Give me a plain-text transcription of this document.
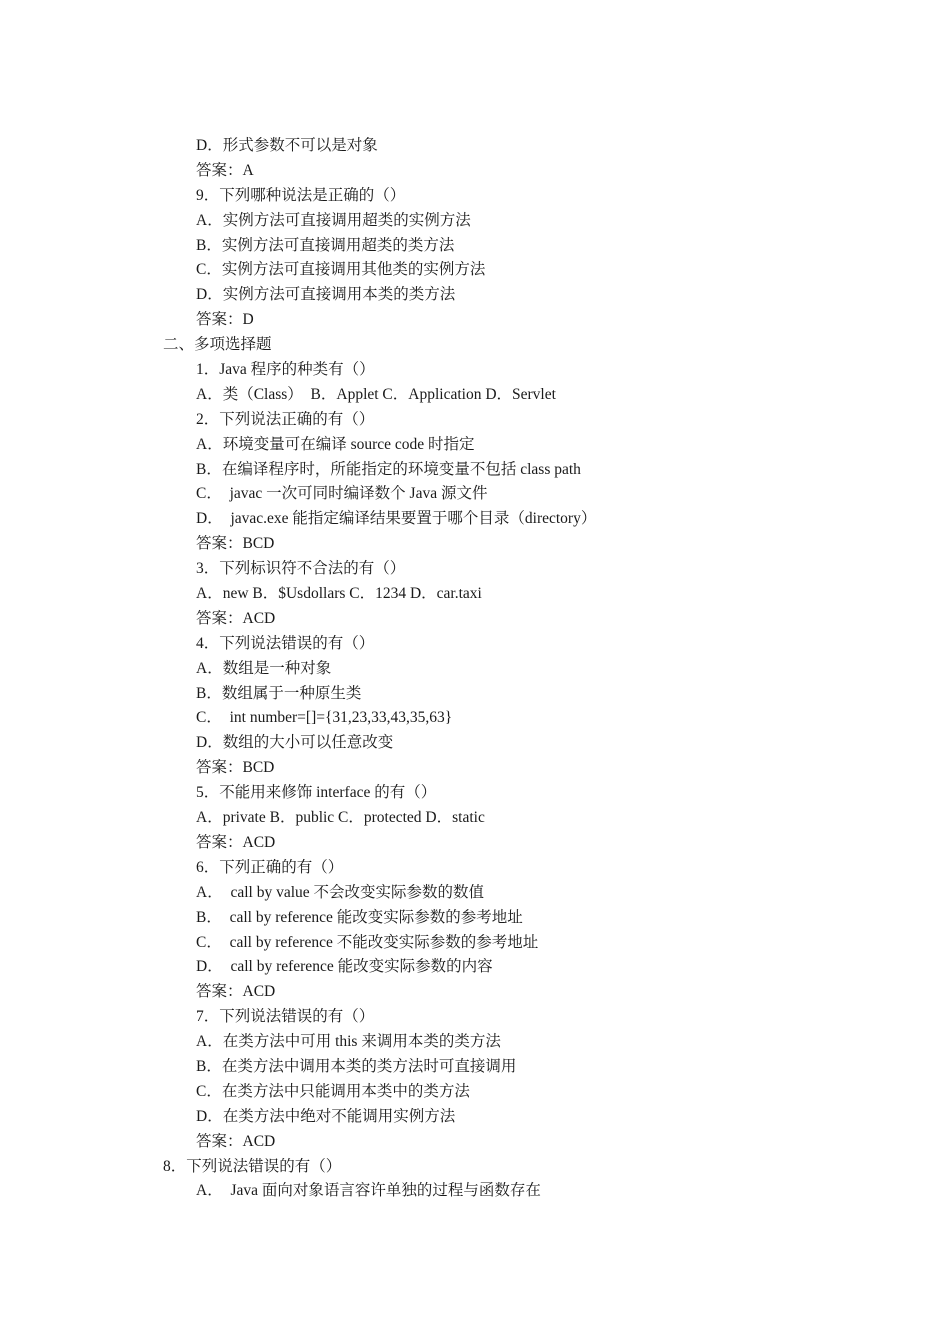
D．形式参数不可以是对象
答案：A
9．下列哪种说法是正确的（）
A．实例方法可直接调用超类的实例方法
B．实例方法可直接调用超类的类方法
C．实例方法可直接调用其他类的实例方法
D．实例方法可直接调用本类的类方法
答案：D
二、多项选择题
1．Java 程序的种类有（）
A．类（Class）  B．Applet C．Application D．Servlet
2．下列说法正确的有（）
A．环境变量可在编译 source code 时指定
B．在编译程序时，所能指定的环境变量不包括 class path
C．  javac 一次可同时编译数个 Java 源文件
D．  javac.exe 能指定编译结果要置于哪个目录（directory）
答案：BCD
3．下列标识符不合法的有（）
A．new B．$Usdollars C．1234 D．car.taxi
答案：ACD
4．下列说法错误的有（）
A．数组是一种对象
B．数组属于一种原生类
C．  int number=[]={31,23,33,43,35,63}
D．数组的大小可以任意改变
答案：BCD
5．不能用来修饰 interface 的有（）
A．private B．public C．protected D．static
答案：ACD
6．下列正确的有（）
A．  call by value 不会改变实际参数的数值
B．  call by reference 能改变实际参数的参考地址
C．  call by reference 不能改变实际参数的参考地址
D．  call by reference 能改变实际参数的内容
答案：ACD
7．下列说法错误的有（）
A．在类方法中可用 this 来调用本类的类方法
B．在类方法中调用本类的类方法时可直接调用
C．在类方法中只能调用本类中的类方法
D．在类方法中绝对不能调用实例方法
答案：ACD
8．下列说法错误的有（）
A．  Java 面向对象语言容许单独的过程与函数存在
